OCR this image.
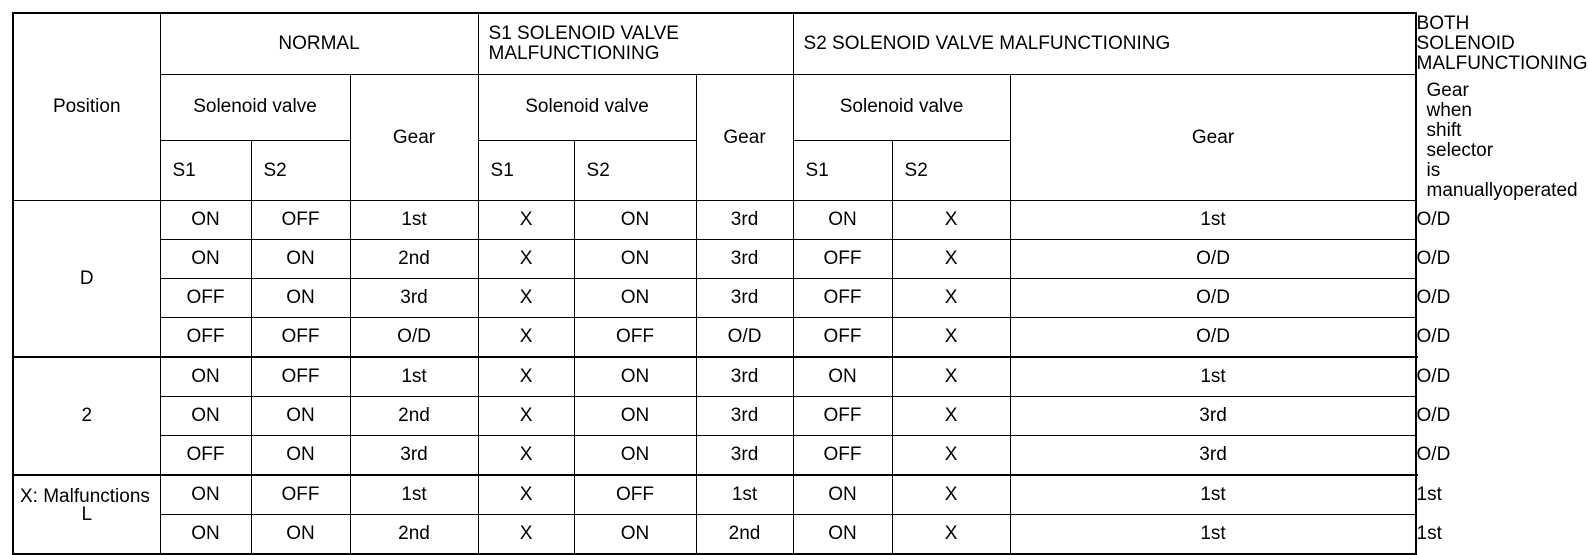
Position	NORMAL			S1 SOLENOID VALVE MALFUNCTIONING			S2 SOLENOID VALVE MALFUNCTIONING			BOTH SOLENOID MALFUNCTIONING
	Solenoid valve		Gear	Solenoid valve		Gear	Solenoid valve		Gear	Gear when shift selector is manuallyoperated
	S1	S2		S1	S2		S1	S2		
D	ON	OFF	1st	X	ON	3rd	ON	X	1st	O/D
	ON	ON	2nd	X	ON	3rd	OFF	X	O/D	O/D
	OFF	ON	3rd	X	ON	3rd	OFF	X	O/D	O/D
	OFF	OFF	O/D	X	OFF	O/D	OFF	X	O/D	O/D
2	ON	OFF	1st	X	ON	3rd	ON	X	1st	O/D
	ON	ON	2nd	X	ON	3rd	OFF	X	3rd	O/D
	OFF	ON	3rd	X	ON	3rd	OFF	X	3rd	O/D
L	ON	OFF	1st	X	OFF	1st	ON	X	1st	1st
	ON	ON	2nd	X	ON	2nd	ON	X	1st	1st
X: Malfunctions
